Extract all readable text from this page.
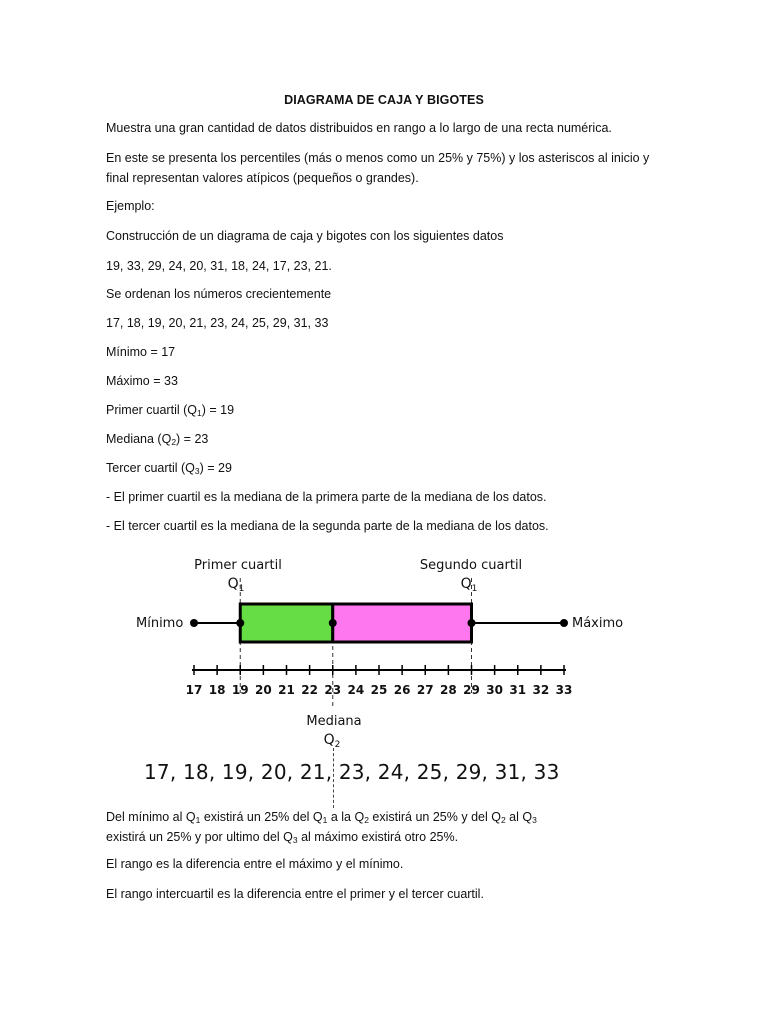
DIAGRAMA DE CAJA Y BIGOTES
Muestra una gran cantidad de datos distribuidos en rango a lo largo de una recta numérica.
En este se presenta los percentiles (más o menos como un 25% y 75%) y los asteriscos al inicio y final representan valores atípicos (pequeños o grandes).
Ejemplo:
Construcción de un diagrama de caja y bigotes con los siguientes datos
19, 33, 29, 24, 20, 31, 18, 24, 17, 23, 21.
Se ordenan los números crecientemente
17, 18, 19, 20, 21, 23, 24, 25, 29, 31, 33
Mínimo = 17
Máximo = 33
Primer cuartil $(Q_1) = 19$
Mediana $(Q_2) = 23$
Tercer cuartil $(Q_3) = 29$
- El primer cuartil es la mediana de la primera parte de la mediana de los datos.
- El tercer cuartil es la mediana de la segunda parte de la mediana de los datos.
Primer cuartil
$Q_1$
Segundo cuartil
$Q_1$
Mínimo	Máximo
Mediana
$Q_2$
17 18 19 20 21 22 23 24 25 26 27 28 29 30 31 32 33
17, 18, 19, 20, 21, 23, 24, 25, 29, 31, 33
Del mínimo al $Q_1$ existirá un 25% del $Q_1$ a la $Q_2$ existirá un 25% y del $Q_2$ al $Q_3$
existirá un 25% y por ultimo del $Q_3$ al máximo existirá otro 25%.
El rango es la diferencia entre el máximo y el mínimo.
El rango intercuartil es la diferencia entre el primer y el tercer cuartil.
